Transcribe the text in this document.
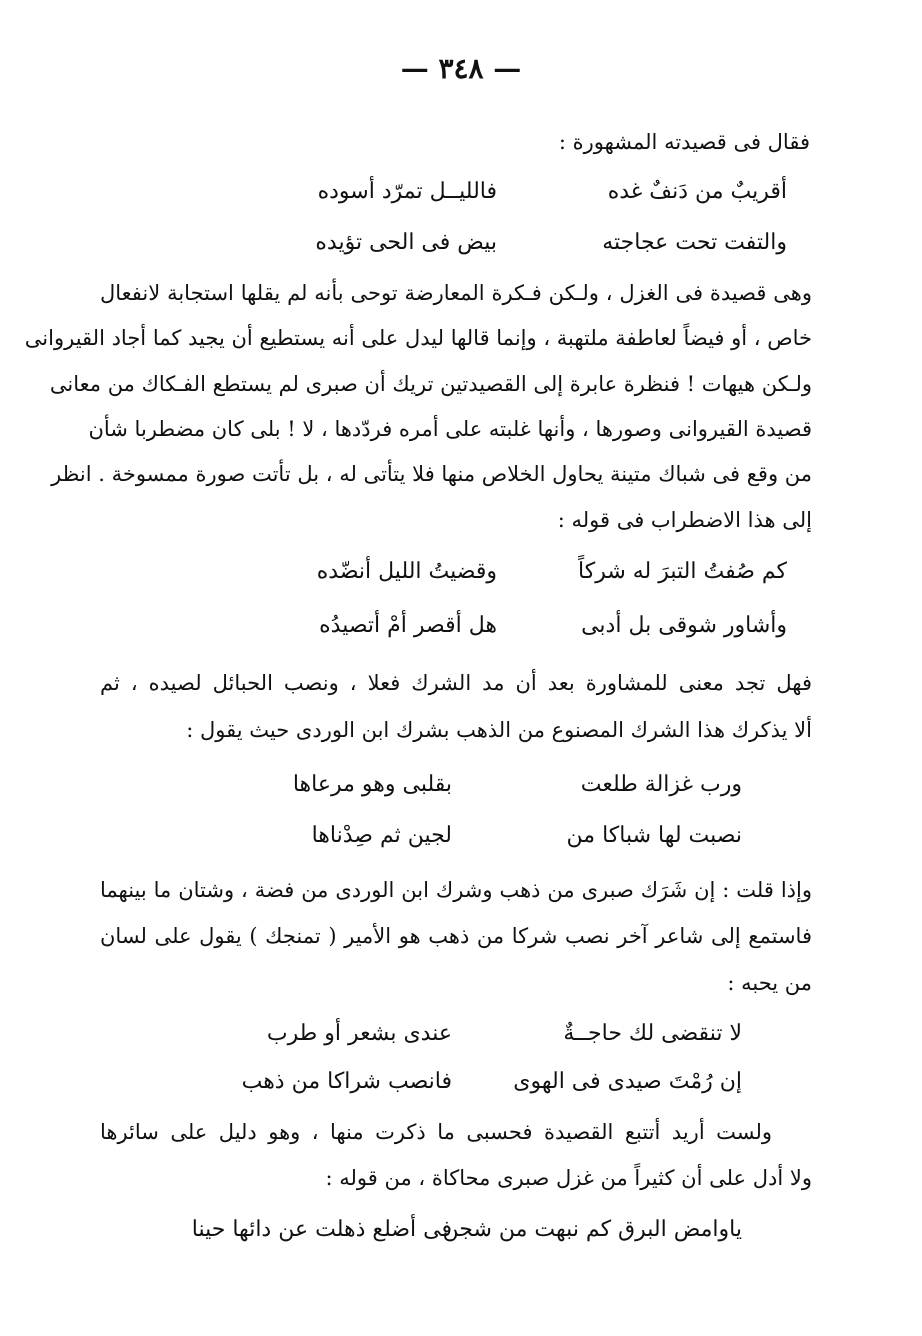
— ٣٤٨ —
فقال فى قصيدته المشهورة :
أقريبٌ من دَنفٌ غده
فالليــل تمرّد أسوده
والتفت تحت عجاجته
بيض فى الحى تؤيده
وهى قصيدة فى الغزل ، ولـكن فـكرة المعارضة توحى بأنه لم يقلها استجابة لانفعال
خاص ، أو فيضاً لعاطفة ملتهبة ، وإنما قالها ليدل على أنه يستطيع أن يجيد كما أجاد القيروانى
ولـكن هيهات ! فنظرة عابرة إلى القصيدتين تريك أن صبرى لم يستطع الفـكاك من معانى
قصيدة القيروانى وصورها ، وأنها غلبته على أمره فردّدها ، لا ! بلى كان مضطربا شأن
من وقع فى شباك متينة يحاول الخلاص منها فلا يتأتى له ، بل تأتت صورة ممسوخة . انظر
إلى هذا الاضطراب فى قوله :
كم صُفتُ التبرَ له شركاً
وقضيتُ الليل أنضّده
وأشاور شوقى بل أدبى
هل أقصر أمْ أتصيدُه
فهل تجد معنى للمشاورة بعد أن مد الشرك فعلا ، ونصب الحبائل لصيده ، ثم
ألا يذكرك هذا الشرك المصنوع من الذهب بشرك ابن الوردى حيث يقول :
ورب غزالة طلعت
بقلبى وهو مرعاها
نصبت لها شباكا من
لجين ثم صِدْناها
وإذا قلت : إن شَرَك صبرى من ذهب وشرك ابن الوردى من فضة ، وشتان ما بينهما
فاستمع إلى شاعر آخر نصب شركا من ذهب هو الأمير ( تمنجك ) يقول على لسان
من يحبه :
لا تنقضى لك حاجــةٌ
عندى بشعر أو طرب
إن رُمْتَ صيدى فى الهوى
فانصب شراكا من ذهب
ولست أريد أتتبع القصيدة فحسبى ما ذكرت منها ، وهو دليل على سائرها
ولا أدل على أن كثيراً من غزل صبرى محاكاة ، من قوله :
ياوامض البرق كم نبهت من شجن
فى أضلع ذهلت عن دائها حينا
